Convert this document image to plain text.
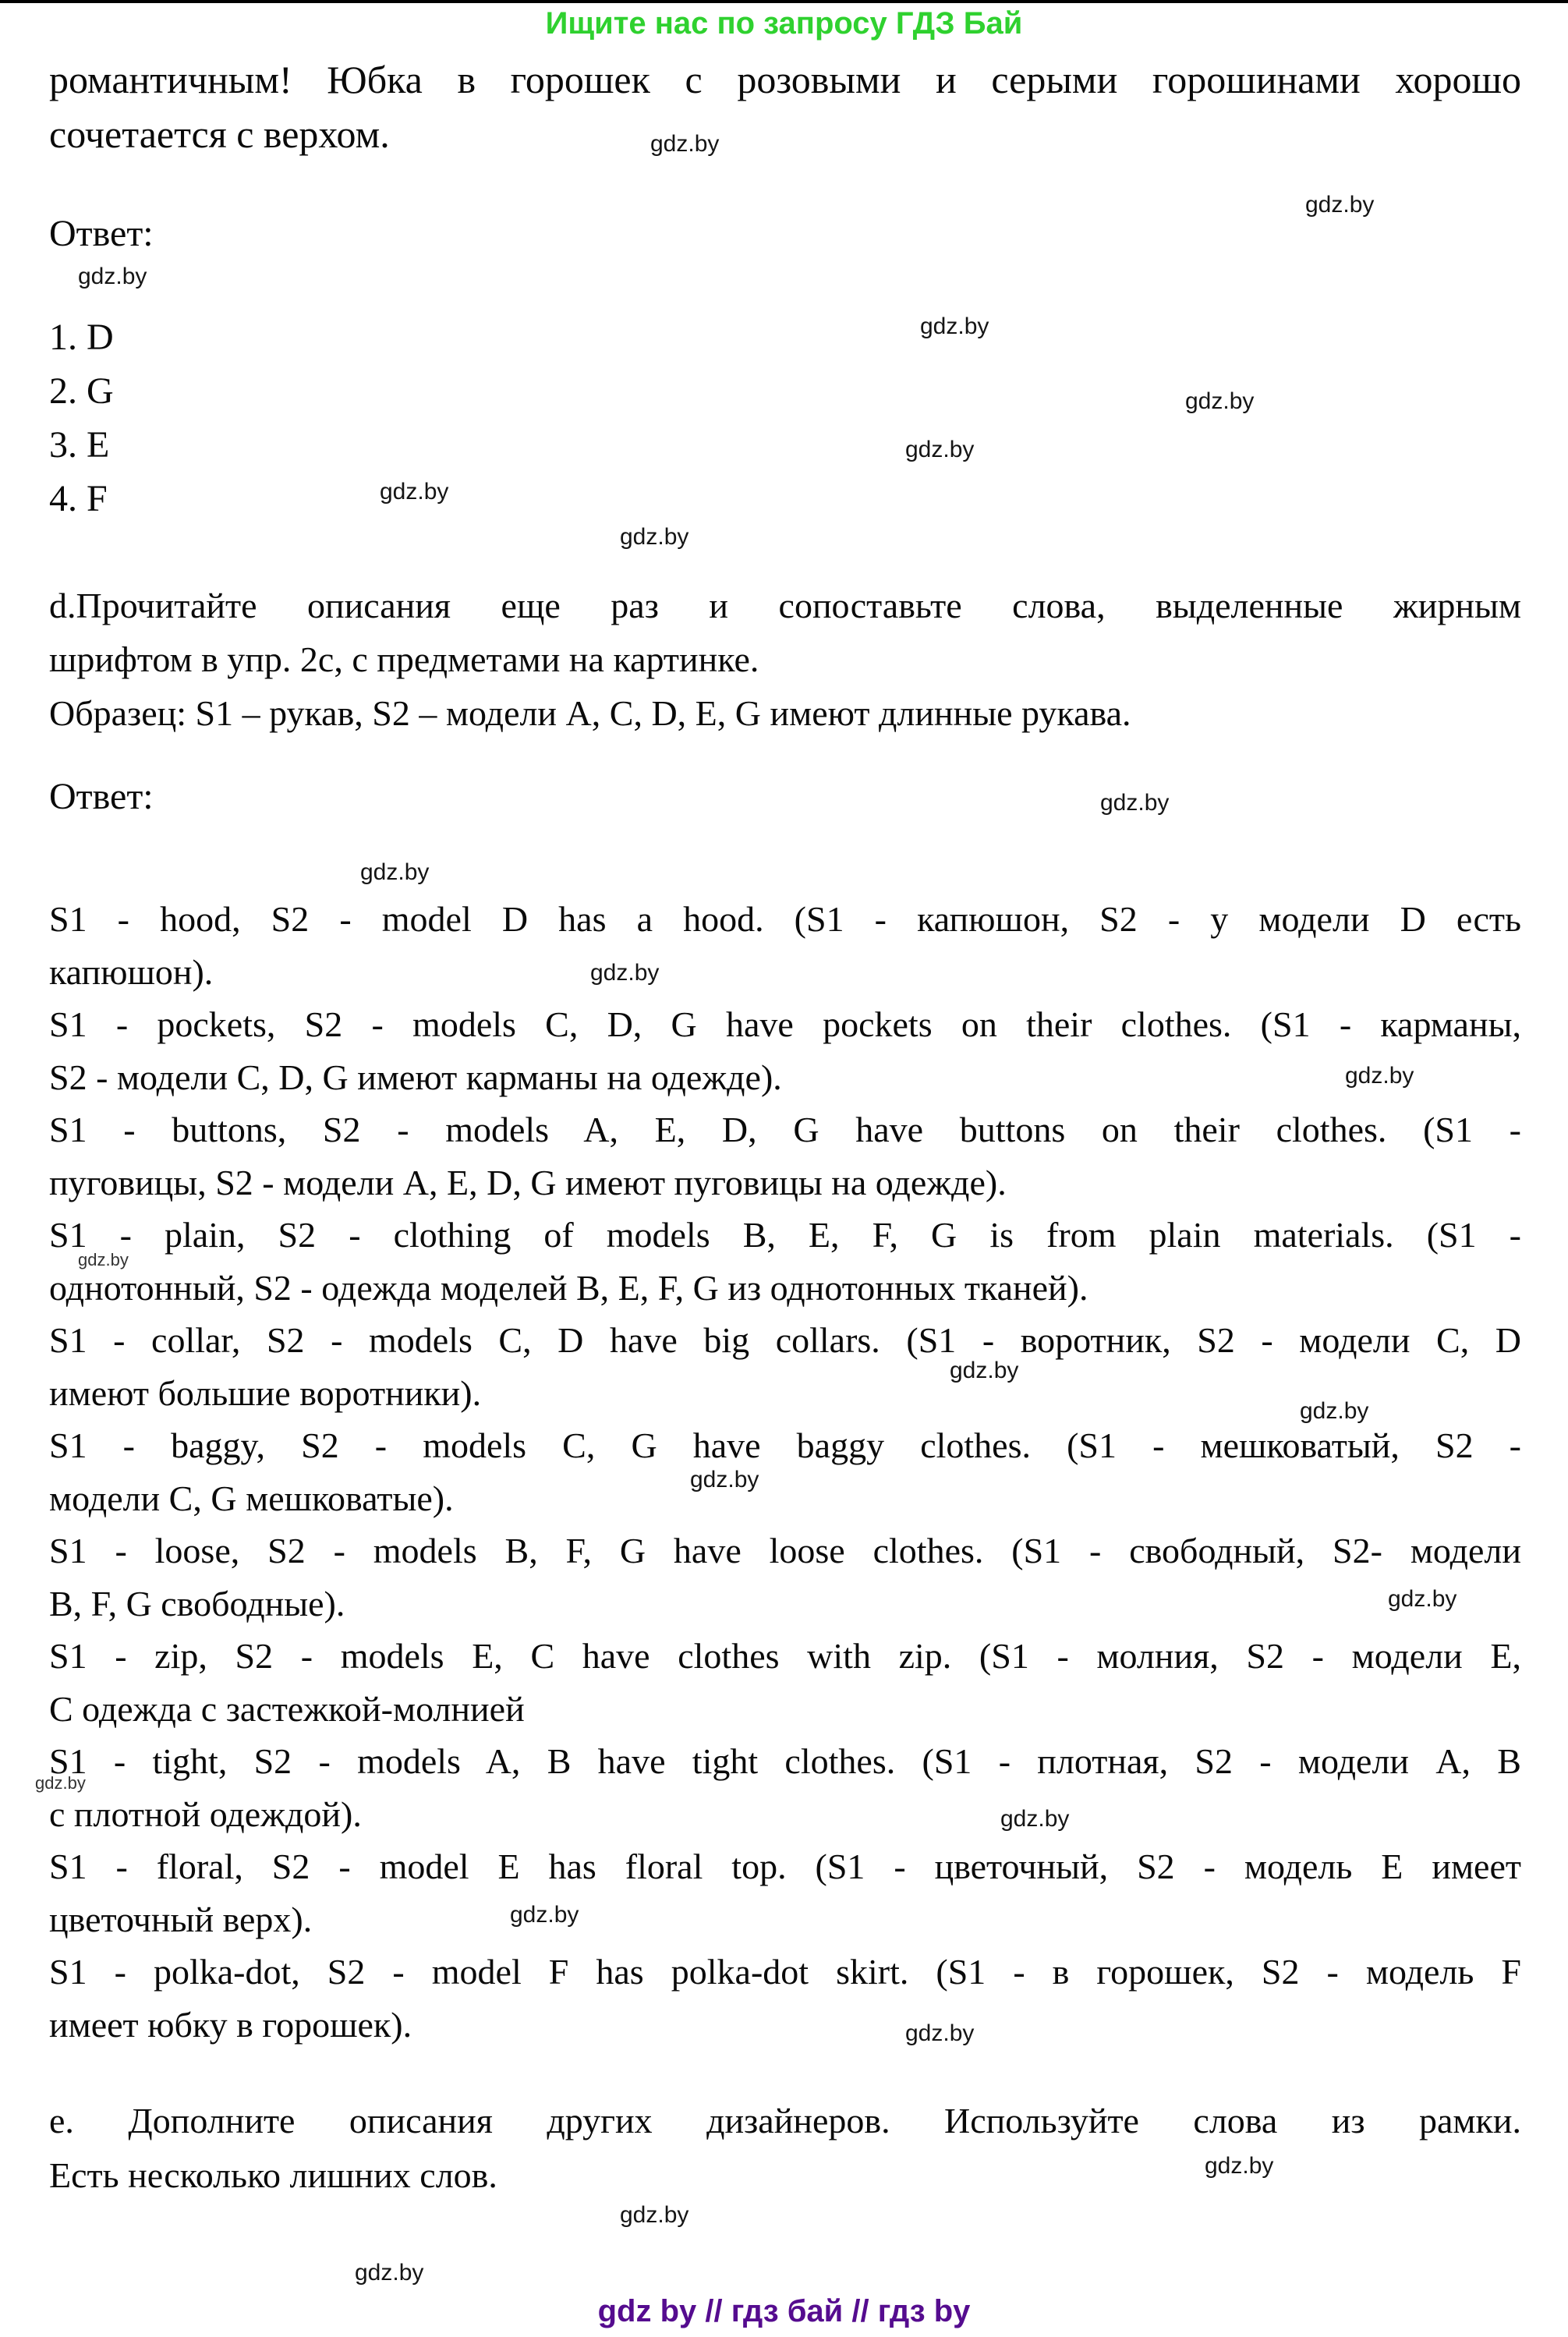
Ищите нас по запросу ГДЗ Бай
романтичным! Юбка в горошек с розовыми и серыми горошинами хорошо
сочетается с верхом.
Ответ:
1. D
2. G
3. E
4. F
d.Прочитайте описания еще раз и сопоставьте слова, выделенные жирным
шрифтом в упр. 2с, с предметами на картинке.
Образец: S1 – рукав, S2 – модели A, C, D, E, G имеют длинные рукава.
Ответ:
S1 - hood, S2 - model D has a hood. (S1 - капюшон, S2 - у модели D есть
капюшон).
S1 - pockets, S2 - models C, D, G have pockets on their clothes. (S1 - карманы,
S2 - модели C, D, G имеют карманы на одежде).
S1 - buttons, S2 - models A, E, D, G have buttons on their clothes. (S1 -
пуговицы, S2 - модели A, E, D, G имеют пуговицы на одежде).
S1 - plain, S2 - clothing of models B, E, F, G is from plain materials. (S1 -
однотонный, S2 - одежда моделей B, E, F, G из однотонных тканей).
S1 - collar, S2 - models C, D have big collars. (S1 - воротник, S2 - модели C, D
имеют большие воротники).
S1 - baggy, S2 - models C, G have baggy clothes. (S1 - мешковатый, S2 -
модели C, G мешковатые).
S1 - loose, S2 - models B, F, G have loose clothes. (S1 - свободный, S2- модели
B, F, G свободные).
S1 - zip, S2 - models E, C have clothes with zip. (S1 - молния, S2 - модели E,
C одежда с застежкой-молнией
S1 - tight, S2 - models A, B have tight clothes. (S1 - плотная, S2 - модели A, B
с плотной одеждой).
S1 - floral, S2 - model E has floral top. (S1 - цветочный, S2 - модель E имеет
цветочный верх).
S1 - polka-dot, S2 - model F has polka-dot skirt. (S1 - в горошек, S2 - модель F
имеет юбку в горошек).
e. Дополните описания других дизайнеров. Используйте слова из рамки.
Есть несколько лишних слов.
gdz by // гдз бай // гдз by
gdz.by
gdz.by
gdz.by
gdz.by
gdz.by
gdz.by
gdz.by
gdz.by
gdz.by
gdz.by
gdz.by
gdz.by
gdz.by
gdz.by
gdz.by
gdz.by
gdz.by
gdz.by
gdz.by
gdz.by
gdz.by
gdz.by
gdz.by
gdz.by
